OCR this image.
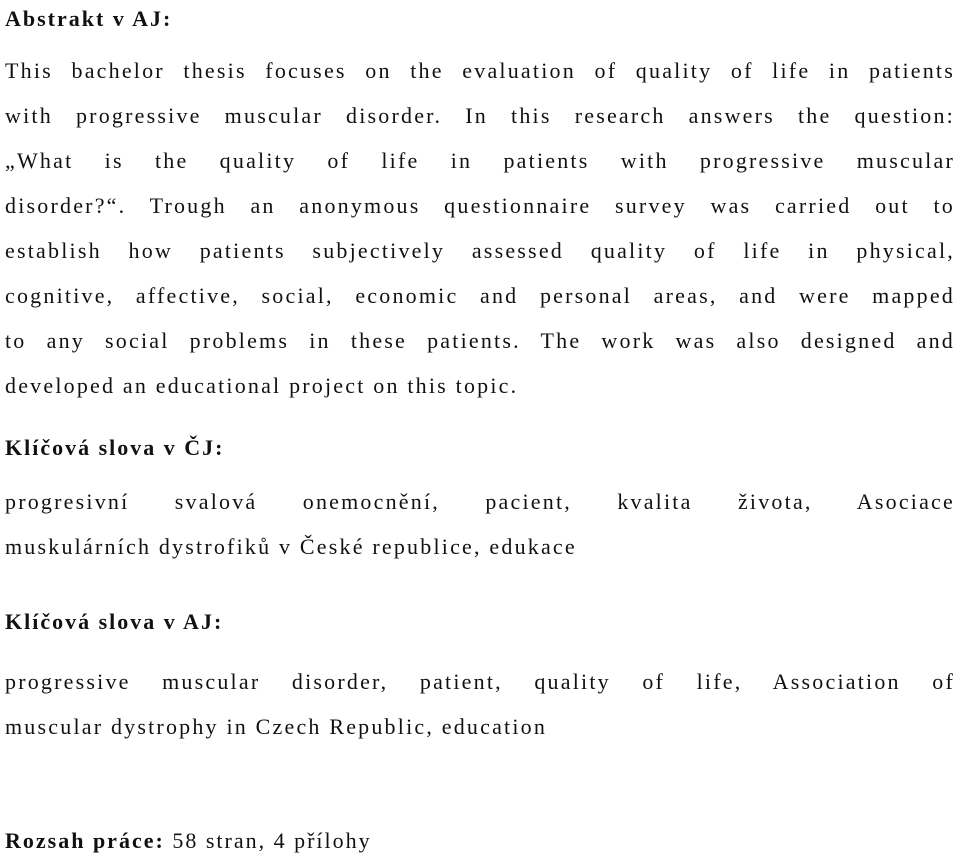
Abstrakt v AJ:
This bachelor thesis focuses on the evaluation of quality of life in patients
with progressive muscular disorder. In this research answers the question:
„What is the quality of life in patients with progressive muscular
disorder?“. Trough an anonymous questionnaire survey was carried out to
establish how patients subjectively assessed quality of life in physical,
cognitive, affective, social, economic and personal areas, and were mapped
to any social problems in these patients. The work was also designed and
developed an educational project on this topic.
Klíčová slova v ČJ:
progresivní svalová onemocnění, pacient, kvalita života, Asociace
muskulárních dystrofiků v České republice, edukace
Klíčová slova v AJ:
progressive muscular disorder, patient, quality of life, Association of
muscular dystrophy in Czech Republic, education
Rozsah práce: 58 stran, 4 přílohy
